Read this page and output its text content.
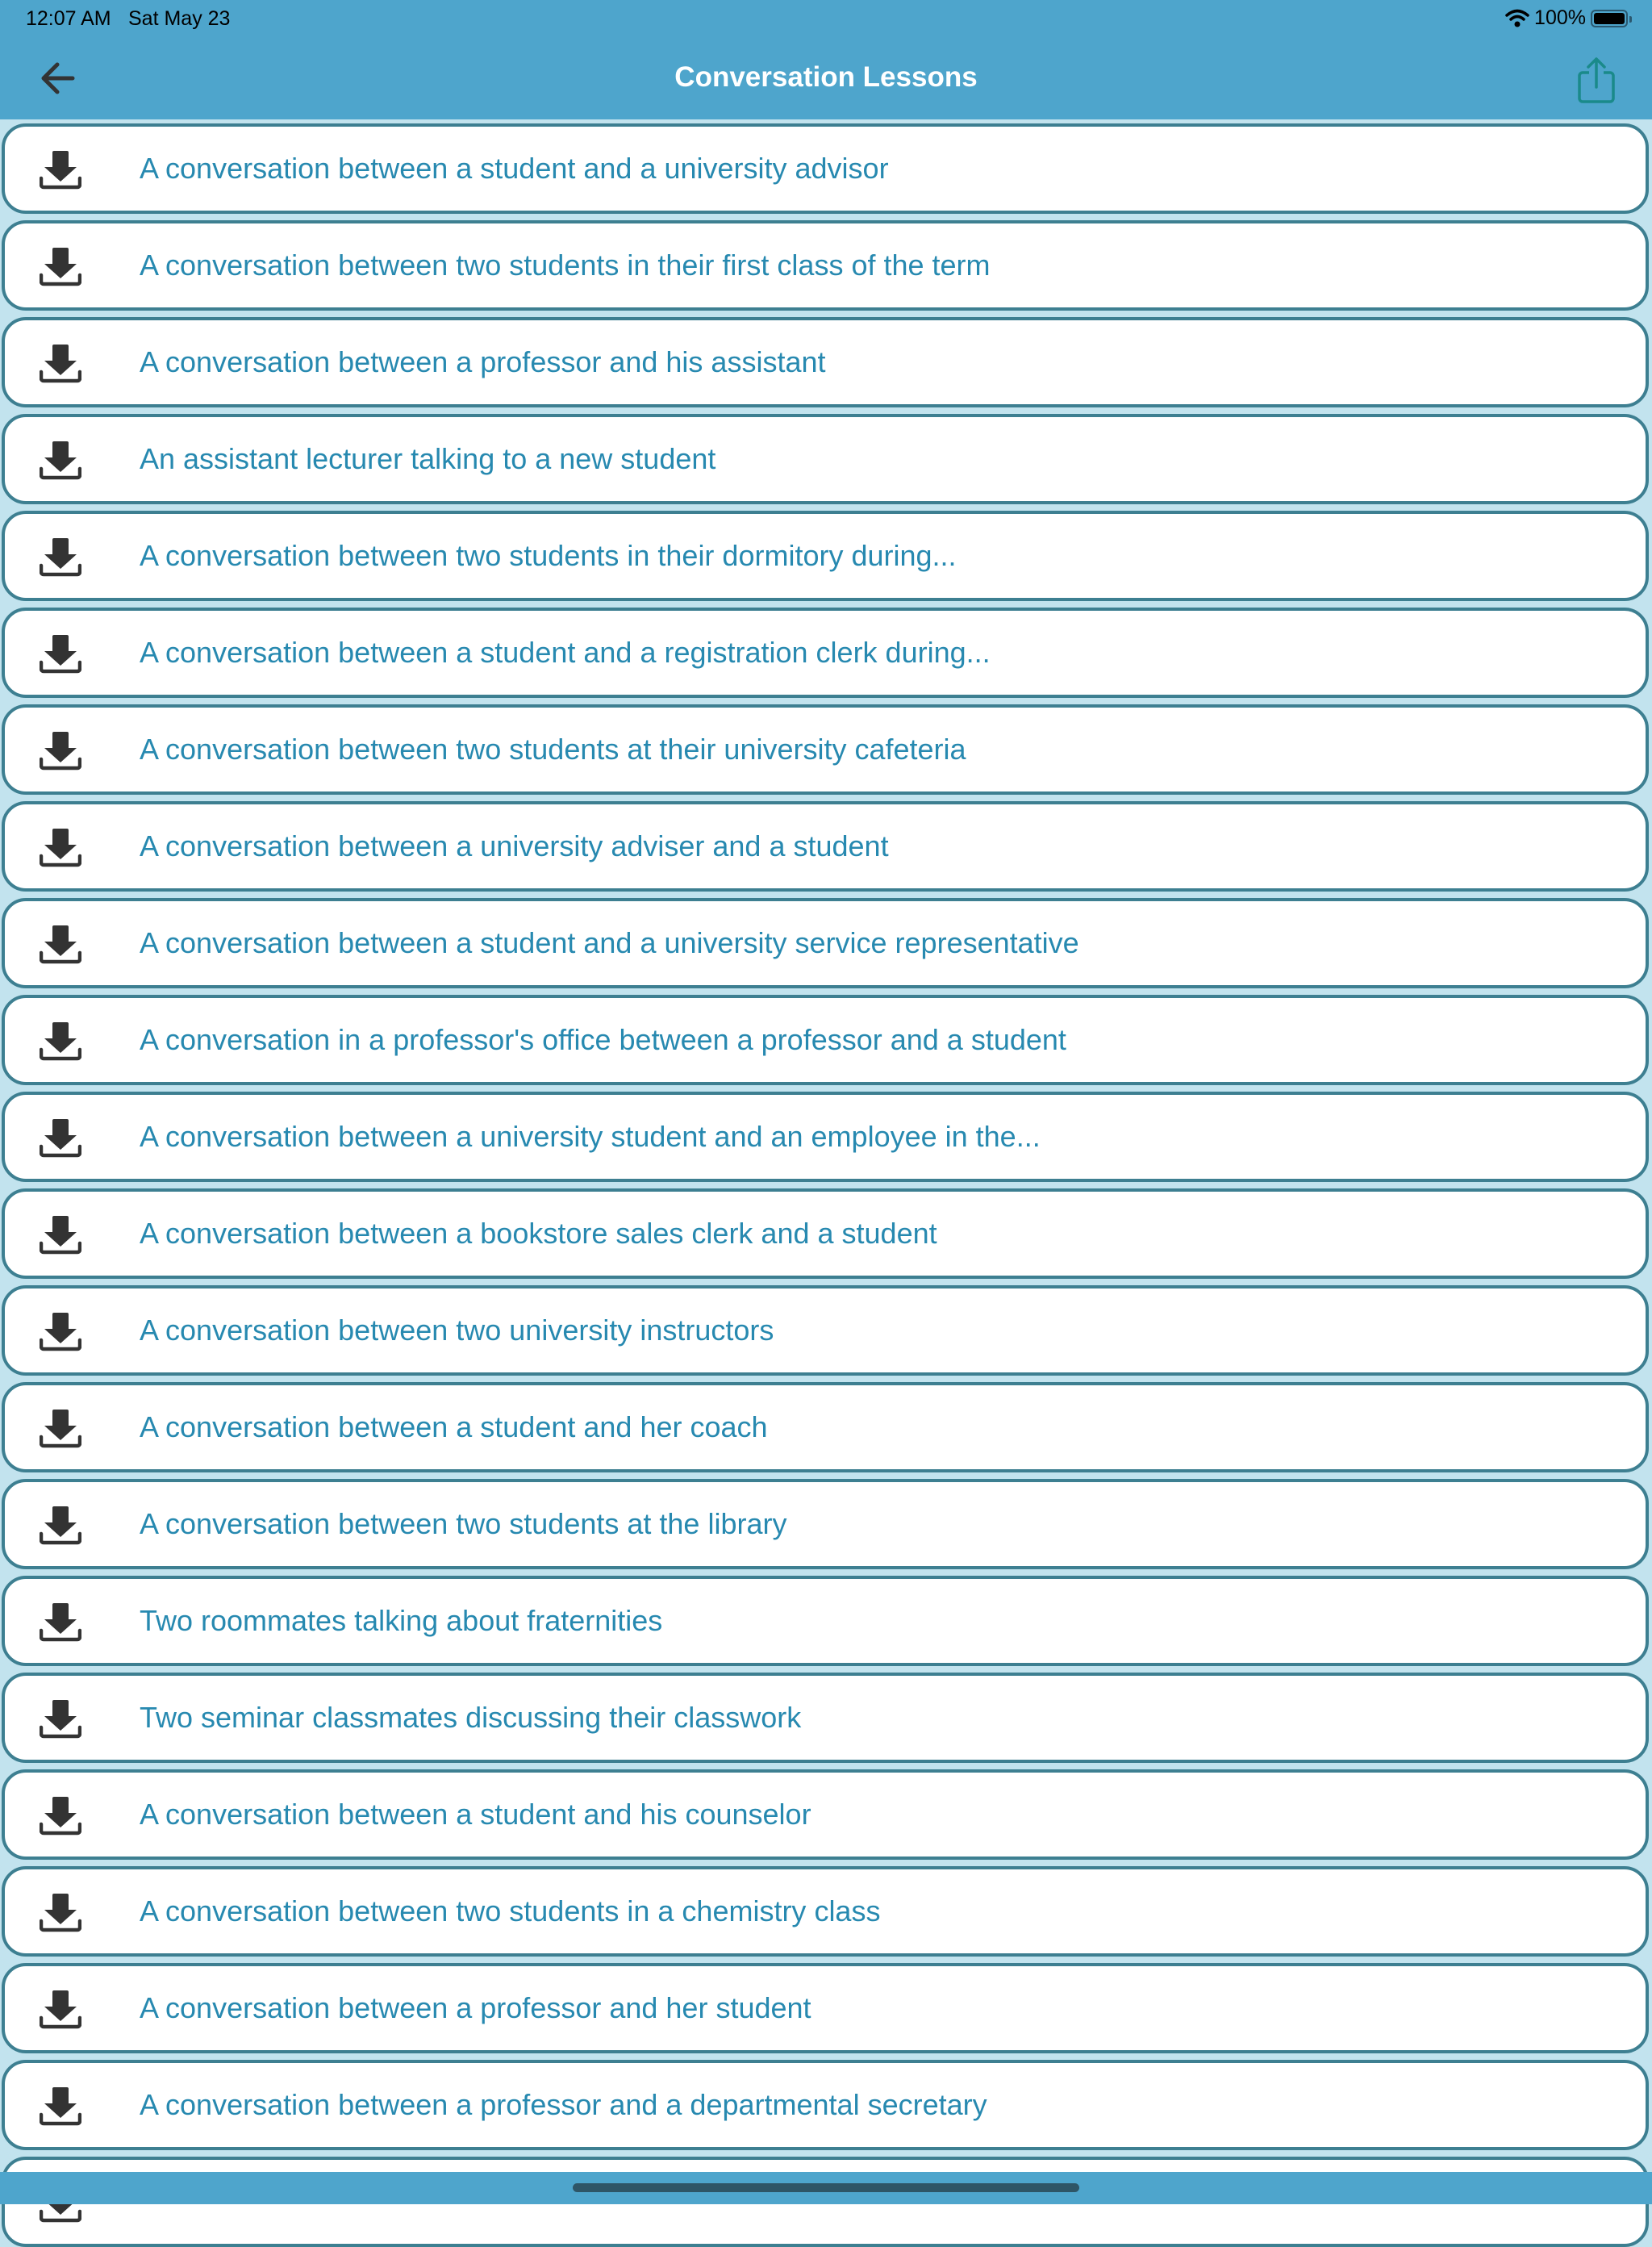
12:07 AM Sat May 23	100%
Conversation Lessons
A conversation between a student and a university advisor
A conversation between two students in their first class of the term
A conversation between a professor and his assistant
An assistant lecturer talking to a new student
A conversation between two students in their dormitory during...
A conversation between a student and a registration clerk during...
A conversation between two students at their university cafeteria
A conversation between a university adviser and a student
A conversation between a student and a university service representative
A conversation in a professor's office between a professor and a student
A conversation between a university student and an employee in the...
A conversation between a bookstore sales clerk and a student
A conversation between two university instructors
A conversation between a student and her coach
A conversation between two students at the library
Two roommates talking about fraternities
Two seminar classmates discussing their classwork
A conversation between a student and his counselor
A conversation between two students in a chemistry class
A conversation between a professor and her student
A conversation between a professor and a departmental secretary
